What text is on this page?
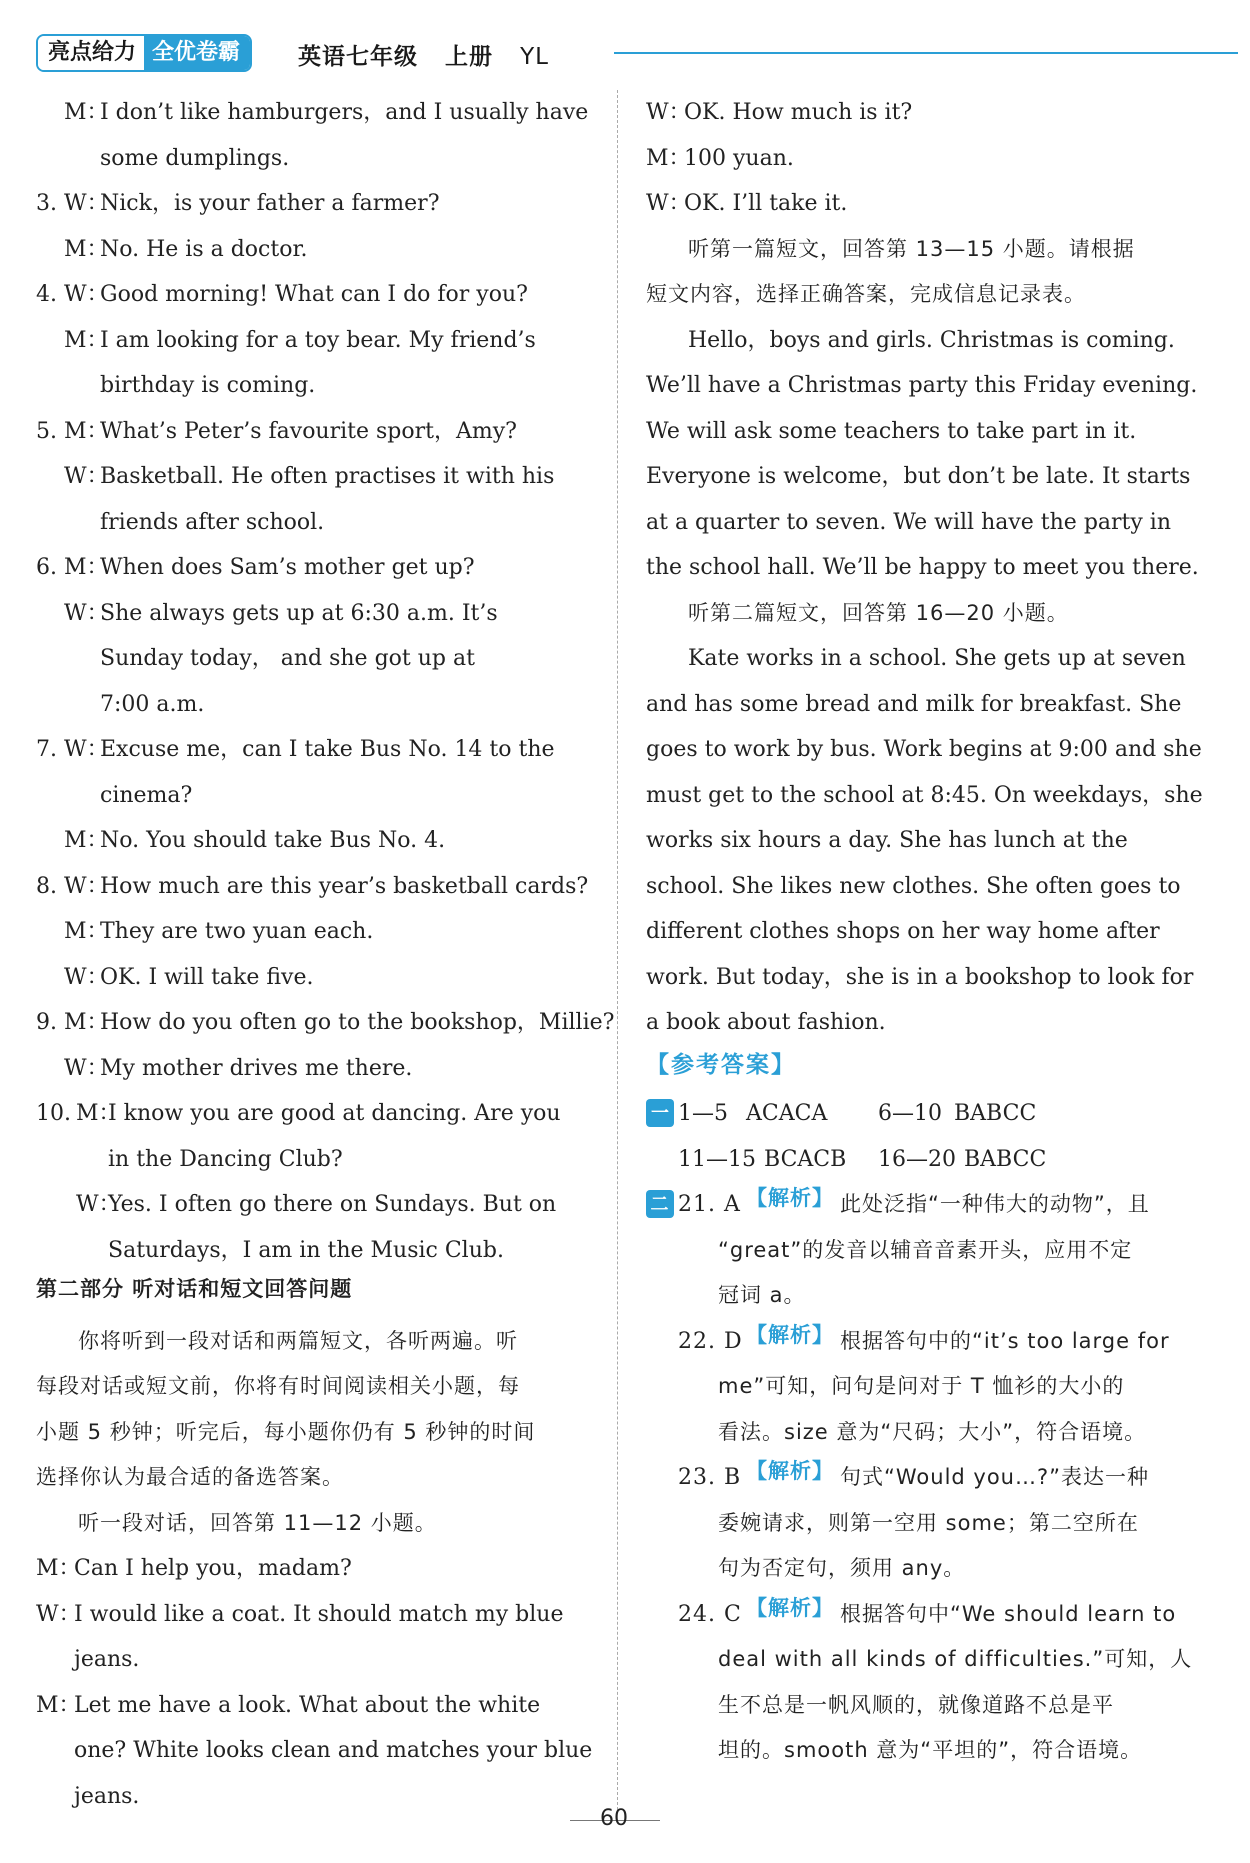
亮点给力 全优卷霸	英语七年级 上册 YL
M：
I don’t like hamburgers，and I usually have
some dumplings.
3. W：
Nick，is your father a farmer?
M：
No. He is a doctor.
4. W：
Good morning! What can I do for you?
M：
I am looking for a toy bear. My friend’s
birthday is coming.
5. M：
What’s Peter’s favourite sport，Amy?
W：
Basketball. He often practises it with his
friends after school.
6. M：
When does Sam’s mother get up?
W：
She always gets up at 6:30 a.m. It’s
Sunday today， and she got up at
7:00 a.m.
7. W：
Excuse me，can I take Bus No. 14 to the
cinema?
M：
No. You should take Bus No. 4.
8. W：
How much are this year’s basketball cards?
M：
They are two yuan each.
W：
OK. I will take five.
9. M：
How do you often go to the bookshop，Millie?
W：
My mother drives me there.
10. M：
I know you are good at dancing. Are you
in the Dancing Club?
W：
Yes. I often go there on Sundays. But on
Saturdays，I am in the Music Club.
第二部分 听对话和短文回答问题
你将听到一段对话和两篇短文，各听两遍。听
每段对话或短文前，你将有时间阅读相关小题，每
小题 5 秒钟；听完后，每小题你仍有 5 秒钟的时间
选择你认为最合适的备选答案。
听一段对话，回答第 11—12 小题。
M：
Can I help you，madam?
W：
I would like a coat. It should match my blue
jeans.
M：
Let me have a look. What about the white
one? White looks clean and matches your blue
jeans.
W：
OK. How much is it?
M：
100 yuan.
W：
OK. I’ll take it.
听第一篇短文，回答第 13—15 小题。请根据
短文内容，选择正确答案，完成信息记录表。
Hello，boys and girls. Christmas is coming.
We’ll have a Christmas party this Friday evening.
We will ask some teachers to take part in it.
Everyone is welcome，but don’t be late. It starts
at a quarter to seven. We will have the party in
the school hall. We’ll be happy to meet you there.
听第二篇短文，回答第 16—20 小题。
Kate works in a school. She gets up at seven
and has some bread and milk for breakfast. She
goes to work by bus. Work begins at 9:00 and she
must get to the school at 8:45. On weekdays，she
works six hours a day. She has lunch at the
school. She likes new clothes. She often goes to
different clothes shops on her way home after
work. But today，she is in a bookshop to look for
a book about fashion.
【参考答案】
一 1—5 ACACA 6—10 BABCC
11—15 BCACB 16—20 BABCC
二 21. A 【解析】 此处泛指“一种伟大的动物”，且
“great”的发音以辅音音素开头，应用不定
冠词 a。
22. D 【解析】 根据答句中的“it’s too large for
me”可知，问句是问对于 T 恤衫的大小的
看法。size 意为“尺码；大小”，符合语境。
23. B 【解析】 句式“Would you…?”表达一种
委婉请求，则第一空用 some；第二空所在
句为否定句，须用 any。
24. C 【解析】 根据答句中“We should learn to
deal with all kinds of difficulties.”可知，人
生不总是一帆风顺的，就像道路不总是平
坦的。smooth 意为“平坦的”，符合语境。
60
